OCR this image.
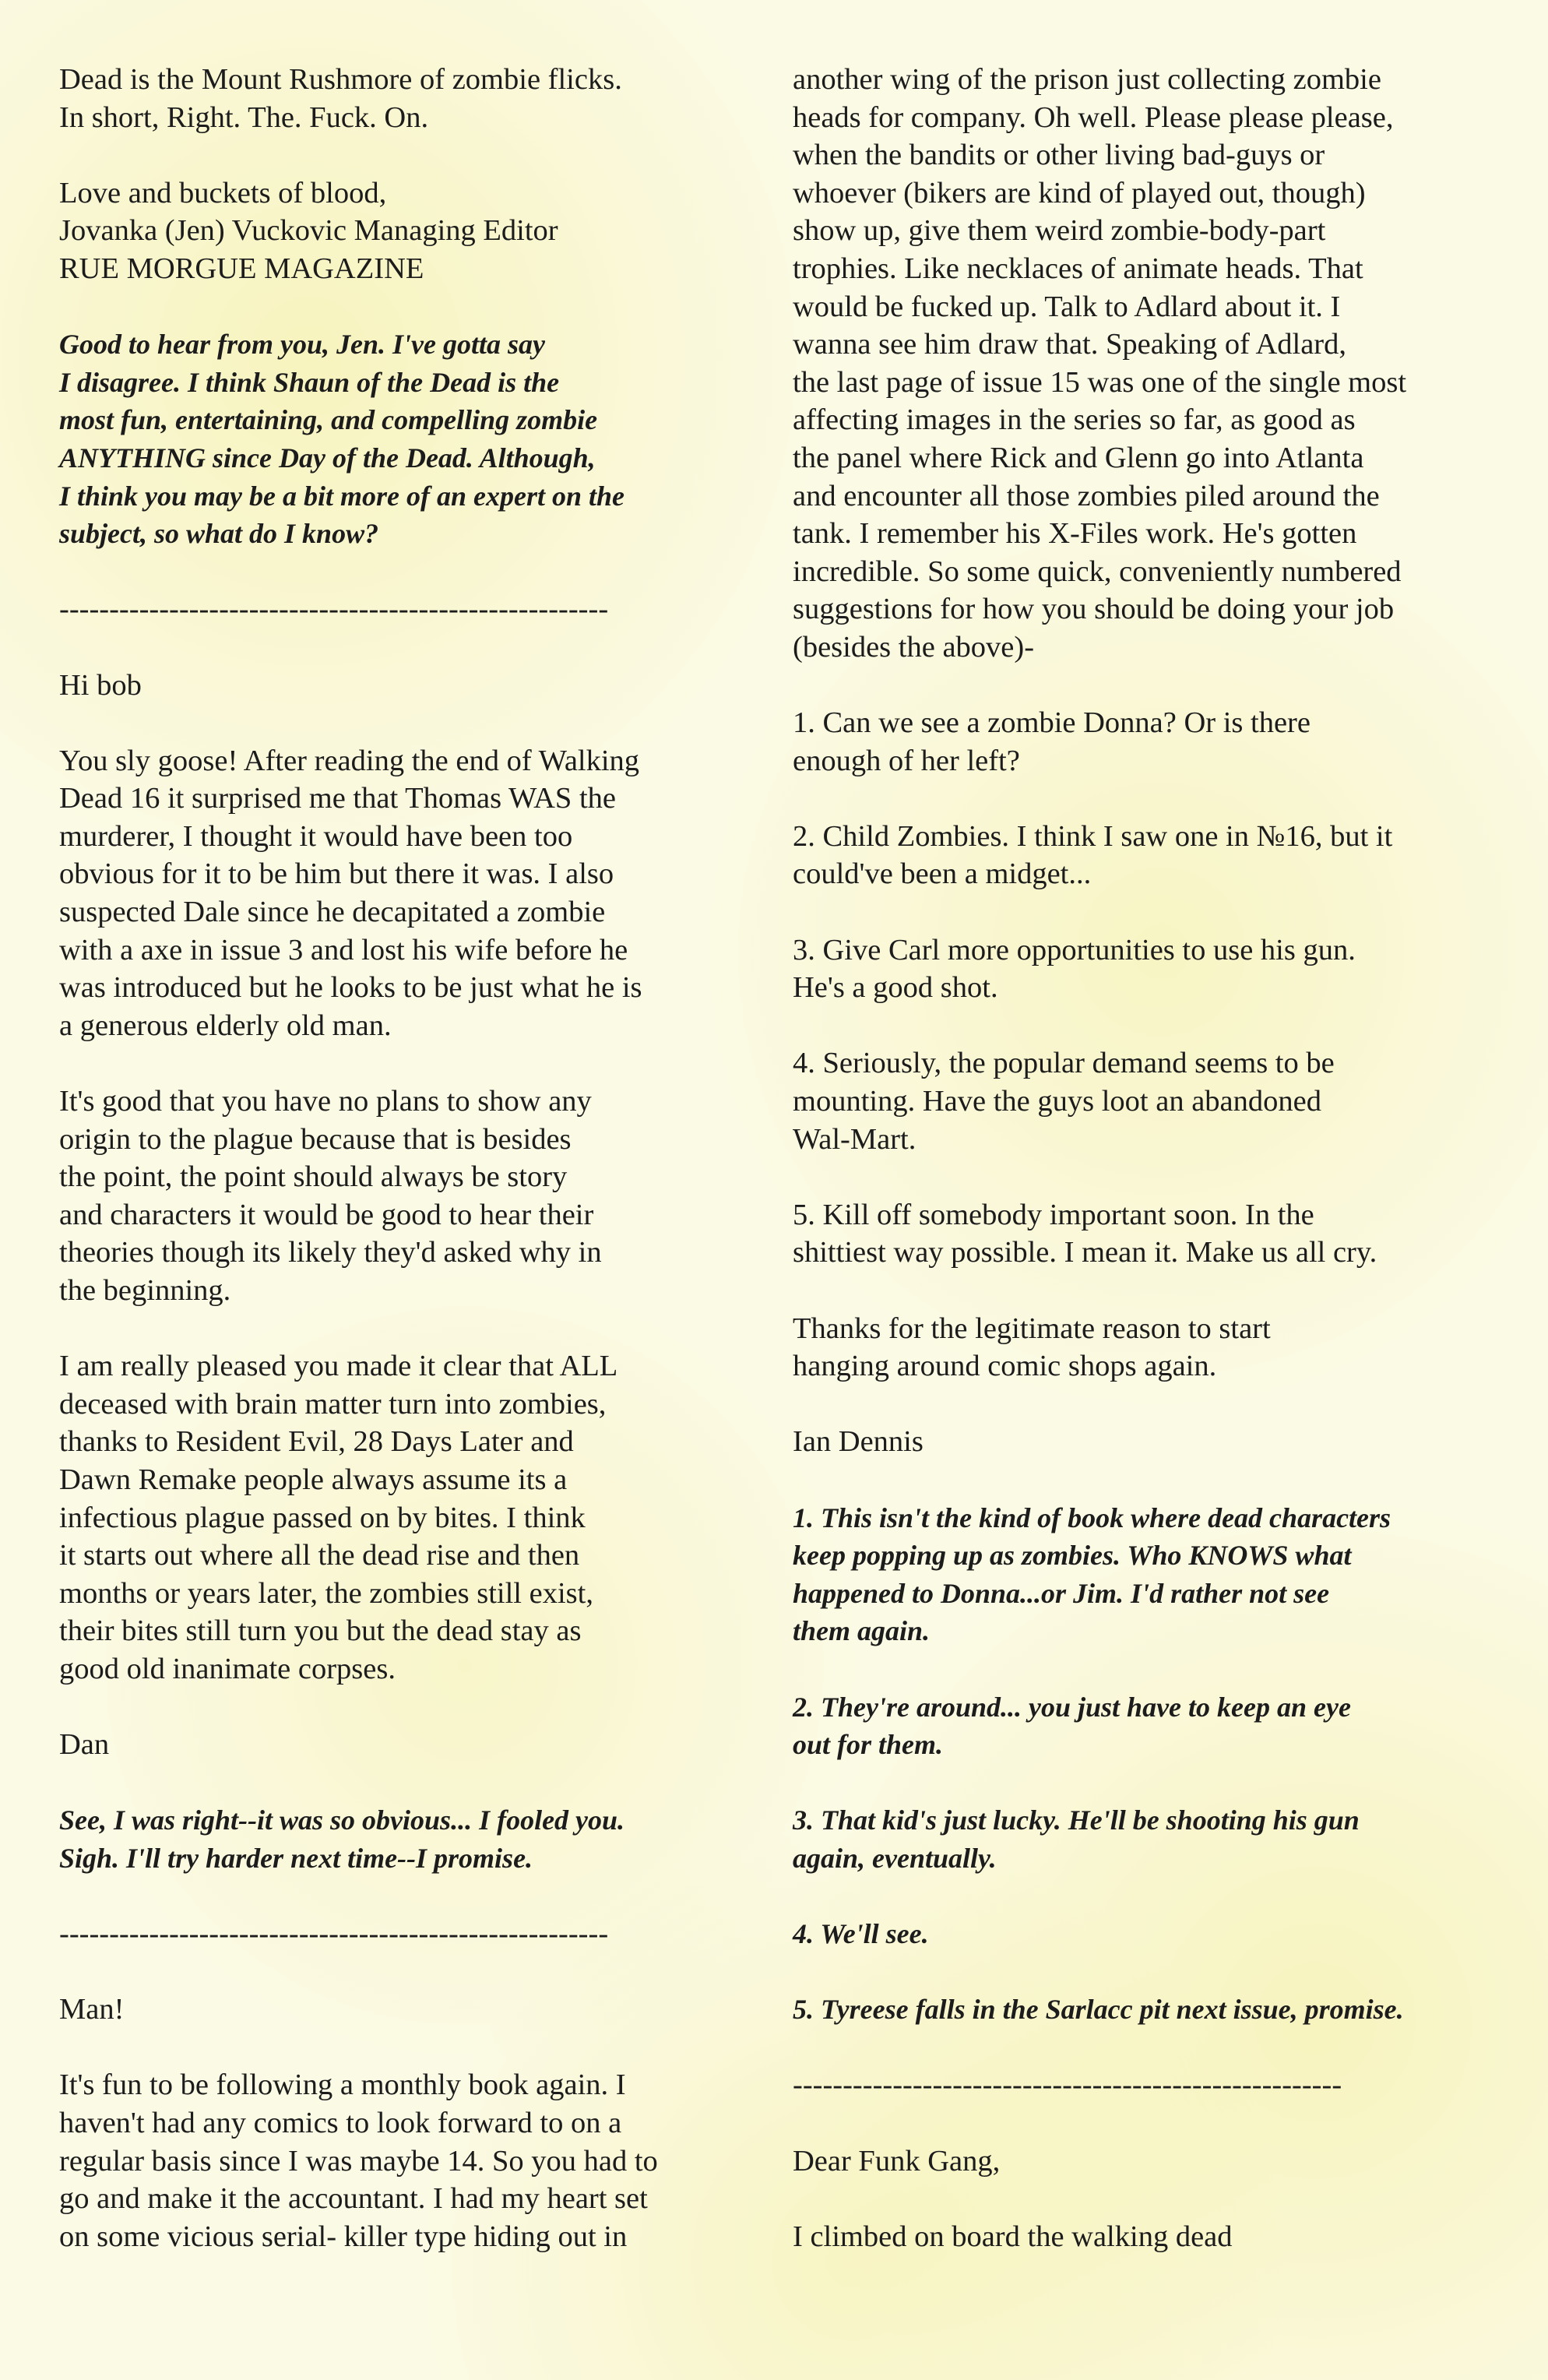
Dead is the Mount Rushmore of zombie flicks.
In short, Right. The. Fuck. On.

Love and buckets of blood,
Jovanka (Jen) Vuckovic Managing Editor
RUE MORGUE MAGAZINE

Good to hear from you, Jen. I've gotta say
I disagree. I think Shaun of the Dead is the
most fun, entertaining, and compelling zombie
ANYTHING since Day of the Dead. Although,
I think you may be a bit more of an expert on the
subject, so what do I know?

-------------------------------------------------------

Hi bob

You sly goose! After reading the end of Walking
Dead 16 it surprised me that Thomas WAS the
murderer, I thought it would have been too
obvious for it to be him but there it was. I also
suspected Dale since he decapitated a zombie
with a axe in issue 3 and lost his wife before he
was introduced but he looks to be just what he is
a generous elderly old man.

It's good that you have no plans to show any
origin to the plague because that is besides
the point, the point should always be story
and characters it would be good to hear their
theories though its likely they'd asked why in
the beginning.

I am really pleased you made it clear that ALL
deceased with brain matter turn into zombies,
thanks to Resident Evil, 28 Days Later and
Dawn Remake people always assume its a
infectious plague passed on by bites. I think
it starts out where all the dead rise and then
months or years later, the zombies still exist,
their bites still turn you but the dead stay as
good old inanimate corpses.

Dan

See, I was right--it was so obvious... I fooled you.
Sigh. I'll try harder next time--I promise.

-------------------------------------------------------

Man!

It's fun to be following a monthly book again. I
haven't had any comics to look forward to on a
regular basis since I was maybe 14. So you had to
go and make it the accountant. I had my heart set
on some vicious serial- killer type hiding out in

another wing of the prison just collecting zombie
heads for company. Oh well. Please please please,
when the bandits or other living bad-guys or
whoever (bikers are kind of played out, though)
show up, give them weird zombie-body-part
trophies. Like necklaces of animate heads. That
would be fucked up. Talk to Adlard about it. I
wanna see him draw that. Speaking of Adlard,
the last page of issue 15 was one of the single most
affecting images in the series so far, as good as
the panel where Rick and Glenn go into Atlanta
and encounter all those zombies piled around the
tank. I remember his X-Files work. He's gotten
incredible. So some quick, conveniently numbered
suggestions for how you should be doing your job
(besides the above)-

1. Can we see a zombie Donna? Or is there
enough of her left?

2. Child Zombies. I think I saw one in №16, but it
could've been a midget...

3. Give Carl more opportunities to use his gun.
He's a good shot.

4. Seriously, the popular demand seems to be
mounting. Have the guys loot an abandoned
Wal-Mart.

5. Kill off somebody important soon. In the
shittiest way possible. I mean it. Make us all cry.

Thanks for the legitimate reason to start
hanging around comic shops again.

Ian Dennis

1. This isn't the kind of book where dead characters
keep popping up as zombies. Who KNOWS what
happened to Donna...or Jim. I'd rather not see
them again.

2. They're around... you just have to keep an eye
out for them.

3. That kid's just lucky. He'll be shooting his gun
again, eventually.

4. We'll see.

5. Tyreese falls in the Sarlacc pit next issue, promise.

-------------------------------------------------------

Dear Funk Gang,

I climbed on board the walking dead
